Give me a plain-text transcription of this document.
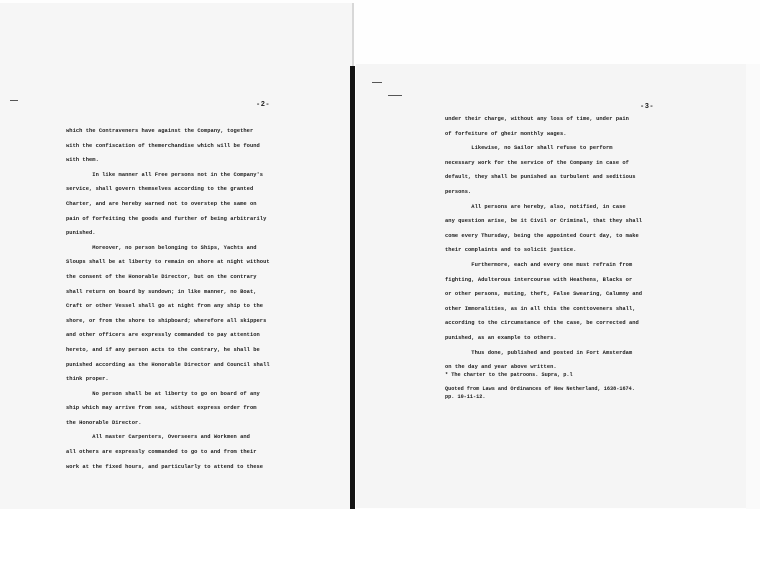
-2-	-3-
which the Contraveners have against the Company, together
with the confiscation of themerchandise which will be found
with them.
In like manner all Free persons not in the Company's
service, shall govern themselves according to the granted
Charter, and are hereby warned not to overstep the same on
pain of forfeiting the goods and further of being arbitrarily
punished.
Moreover, no person belonging to Ships, Yachts and
Sloups shall be at liberty to remain on shore at night without
the consent of the Honorable Director, but on the contrary
shall return on board by sundown; in like manner, no Boat,
Craft or other Vessel shall go at night from any ship to the
shore, or from the shore to shipboard; wherefore all skippers
and other officers are expressly commanded to pay attention
hereto, and if any person acts to the contrary, he shall be
punished according as the Honorable Director and Council shall
think proper.
No person shall be at liberty to go on board of any
ship which may arrive from sea, without express order from
the Honorable Director.
All master Carpenters, Overseers and Workmen and
all others are expressly commanded to go to and from their
work at the fixed hours, and particularly to attend to these
under their charge, without any loss of time, under pain
of forfeiture of gheir monthly wages.
Likewise, no Sailor shall refuse to perform
necessary work for the service of the Company in case of
default, they shall be punished as turbulent and seditious
persons.
All persons are hereby, also, notified, in case
any question arise, be it Civil or Criminal, that they shall
come every Thursday, being the appointed Court day, to make
their complaints and to solicit justice.
Furthermore, each and every one must refrain from
fighting, Adulterous intercourse with Heathens, Blacks or
or other persons, muting, theft, False Swearing, Calumny and
other Immoralities, as in all this the conttoveners shall,
according to the circumstance of the case, be corrected and
punished, as an example to others.
Thus done, published and posted in Fort Amsterdam
on the day and year above written.
* The charter to the patroons. Supra, p.l
Quoted from Laws and Ordinances of New Netherland, 1638-1674.
pp. 10-11-12.
